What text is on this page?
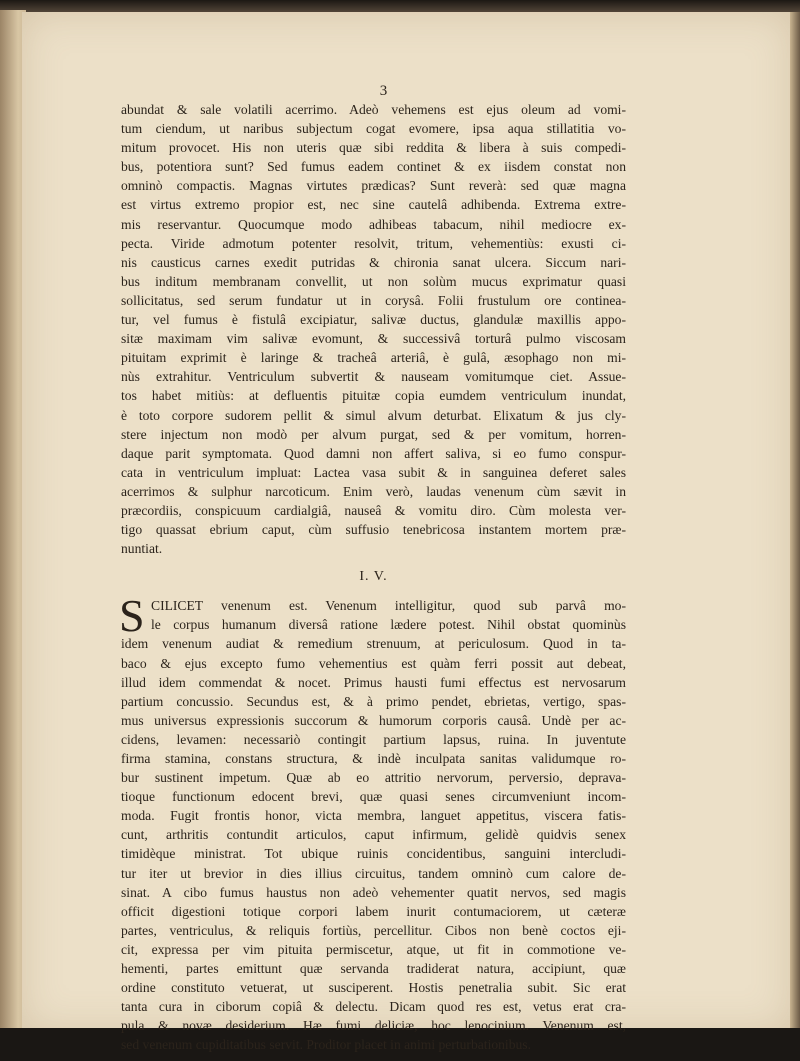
3
abundat & sale volatili acerrimo. Adeò vehemens est ejus oleum ad vomi-
tum ciendum, ut naribus subjectum cogat evomere, ipsa aqua stillatitia vo-
mitum provocet. His non uteris quæ sibi reddita & libera à suis compedi-
bus, potentiora sunt? Sed fumus eadem continet & ex iisdem constat non
omninò compactis. Magnas virtutes prædicas? Sunt reverà: sed quæ magna
est virtus extremo propior est, nec sine cautelâ adhibenda. Extrema extre-
mis reservantur. Quocumque modo adhibeas tabacum, nihil mediocre ex-
pecta. Viride admotum potenter resolvit, tritum, vehementiùs: exusti ci-
nis causticus carnes exedit putridas & chironia sanat ulcera. Siccum nari-
bus inditum membranam convellit, ut non solùm mucus exprimatur quasi
sollicitatus, sed serum fundatur ut in corysâ. Folii frustulum ore continea-
tur, vel fumus è fistulâ excipiatur, salivæ ductus, glandulæ maxillis appo-
sitæ maximam vim salivæ evomunt, & successivâ torturâ pulmo viscosam
pituitam exprimit è laringe & tracheâ arteriâ, è gulâ, æsophago non mi-
nùs extrahitur. Ventriculum subvertit & nauseam vomitumque ciet. Assue-
tos habet mitiùs: at defluentis pituitæ copia eumdem ventriculum inundat,
è toto corpore sudorem pellit & simul alvum deturbat. Elixatum & jus cly-
stere injectum non modò per alvum purgat, sed & per vomitum, horren-
daque parit symptomata. Quod damni non affert saliva, si eo fumo conspur-
cata in ventriculum impluat: Lactea vasa subit & in sanguinea deferet sales
acerrimos & sulphur narcoticum. Enim verò, laudas venenum cùm sævit in
præcordiis, conspicuum cardialgiâ, nauseâ & vomitu diro. Cùm molesta ver-
tigo quassat ebrium caput, cùm suffusio tenebricosa instantem mortem præ-
nuntiat.
I. V.
S CILICET venenum est. Venenum intelligitur, quod sub parvâ mo-
le corpus humanum diversâ ratione lædere potest. Nihil obstat quominùs
idem venenum audiat & remedium strenuum, at periculosum. Quod in ta-
baco & ejus excepto fumo vehementius est quàm ferri possit aut debeat,
illud idem commendat & nocet. Primus hausti fumi effectus est nervosarum
partium concussio. Secundus est, & à primo pendet, ebrietas, vertigo, spas-
mus universus expressionis succorum & humorum corporis causâ. Undè per ac-
cidens, levamen: necessariò contingit partium lapsus, ruina. In juventute
firma stamina, constans structura, & indè inculpata sanitas validumque ro-
bur sustinent impetum. Quæ ab eo attritio nervorum, perversio, deprava-
tioque functionum edocent brevi, quæ quasi senes circumveniunt incom-
moda. Fugit frontis honor, victa membra, languet appetitus, viscera fatis-
cunt, arthritis contundit articulos, caput infirmum, gelidè quidvis senex
timidèque ministrat. Tot ubique ruinis concidentibus, sanguini intercludi-
tur iter ut brevior in dies illius circuitus, tandem omninò cum calore de-
sinat. A cibo fumus haustus non adeò vehementer quatit nervos, sed magis
officit digestioni totique corpori labem inurit contumaciorem, ut cæteræ
partes, ventriculus, & reliquis fortiùs, percellitur. Cibos non benè coctos eji-
cit, expressa per vim pituita permiscetur, atque, ut fit in commotione ve-
hementi, partes emittunt quæ servanda tradiderat natura, accipiunt, quæ
ordine constituto vetuerat, ut susciperent. Hostis penetralia subit. Sic erat
tanta cura in ciborum copiâ & delectu. Dicam quod res est, vetus erat cra-
pula & novæ desiderium. Hæ fumi deliciæ, hoc lenocinium. Venenum est,
sed venenum cupiditatibus servit. Proditor placet in animi perturbationibus.
